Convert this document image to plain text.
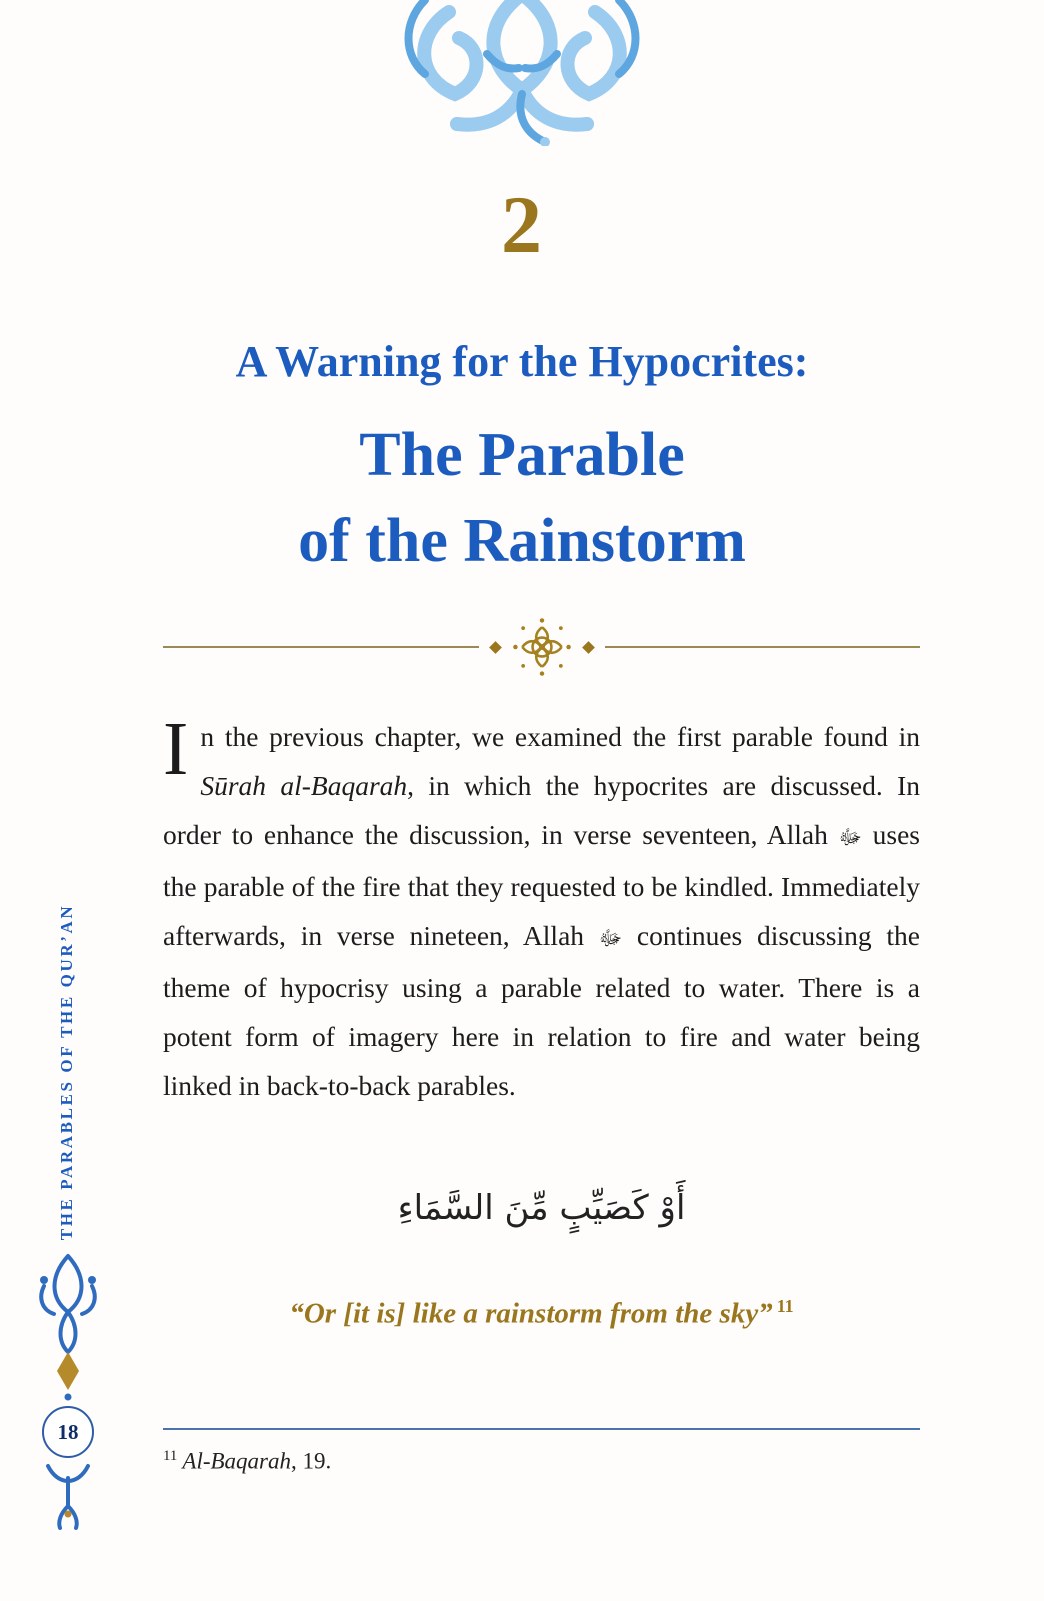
2
A Warning for the Hypocrites:
The Parable
of the Rainstorm
In the previous chapter, we examined the first parable found in Sūrah al-Baqarah, in which the hypocrites are discussed. In order to enhance the discussion, in verse seventeen, Allah ﷻ uses the parable of the fire that they requested to be kindled. Immediately afterwards, in verse nineteen, Allah ﷻ continues discussing the theme of hypocrisy using a parable related to water. There is a potent form of imagery here in relation to fire and water being linked in back-to-back parables.
أَوْ كَصَيِّبٍ مِّنَ السَّمَاءِ
“Or [it is] like a rainstorm from the sky” $^{11}$
$^{11}$ Al-Baqarah, 19.
THE PARABLES OF THE QUR’AN
18
